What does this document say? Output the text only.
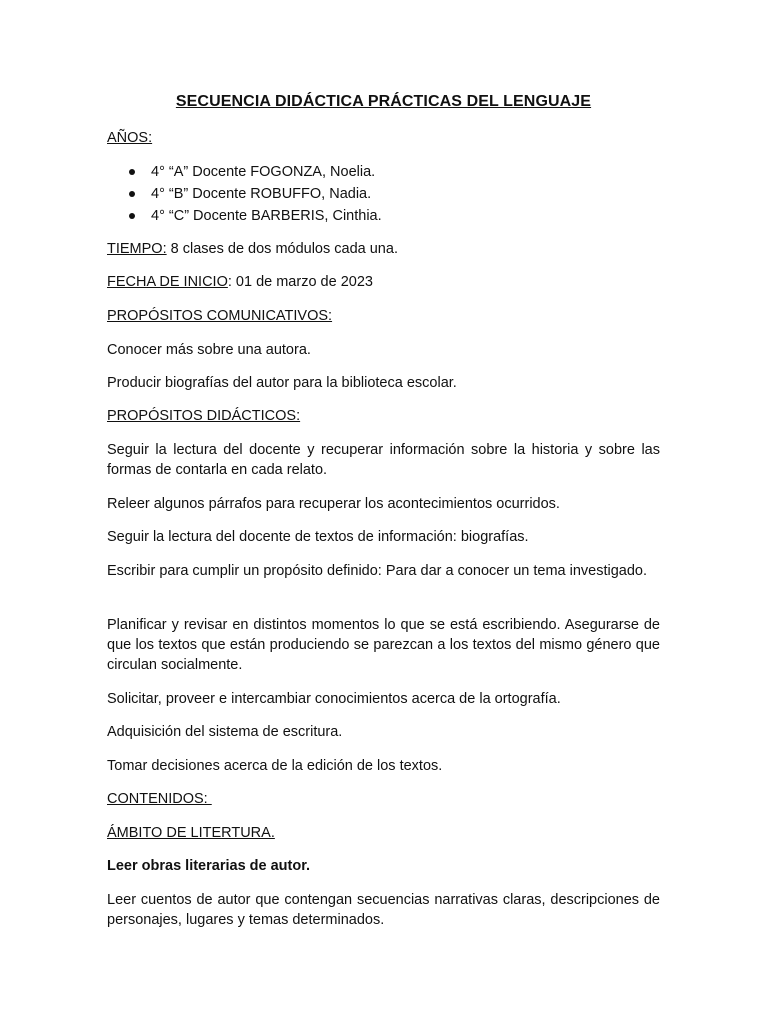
SECUENCIA DIDÁCTICA PRÁCTICAS DEL LENGUAJE
AÑOS:
4° “A” Docente FOGONZA, Noelia.
4° “B” Docente ROBUFFO, Nadia.
4° “C” Docente BARBERIS, Cinthia.
TIEMPO: 8 clases de dos módulos cada una.
FECHA DE INICIO: 01 de marzo de 2023
PROPÓSITOS COMUNICATIVOS:
Conocer más sobre una autora.
Producir biografías del autor para la biblioteca escolar.
PROPÓSITOS DIDÁCTICOS:
Seguir la lectura del docente y recuperar información sobre la historia y sobre las formas de contarla en cada relato.
Releer algunos párrafos para recuperar los acontecimientos ocurridos.
Seguir la lectura del docente de textos de información: biografías.
Escribir para cumplir un propósito definido: Para dar a conocer un tema investigado.
Planificar y revisar en distintos momentos lo que se está escribiendo. Asegurarse de que los textos que están produciendo se parezcan a los textos del mismo género que circulan socialmente.
Solicitar, proveer e intercambiar conocimientos acerca de la ortografía.
Adquisición del sistema de escritura.
Tomar decisiones acerca de la edición de los textos.
CONTENIDOS:
ÁMBITO DE LITERTURA.
Leer obras literarias de autor.
Leer cuentos de autor que contengan secuencias narrativas claras, descripciones de personajes, lugares y temas determinados.
